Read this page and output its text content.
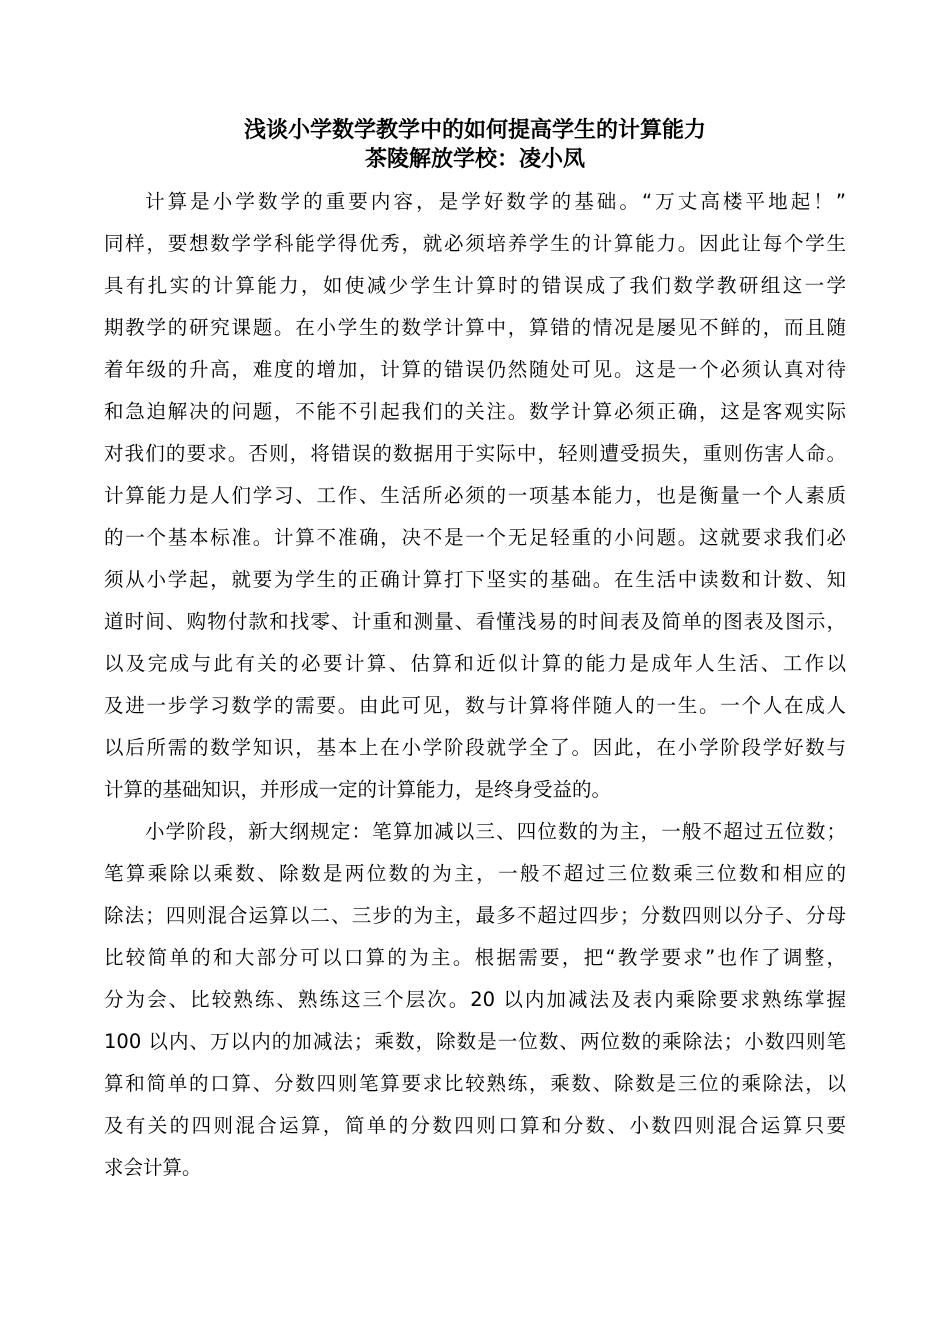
浅谈小学数学教学中的如何提高学生的计算能力
茶陵解放学校：凌小凤
计算是小学数学的重要内容，是学好数学的基础。“万丈高楼平地起！”
同样，要想数学学科能学得优秀，就必须培养学生的计算能力。因此让每个学生
具有扎实的计算能力，如使减少学生计算时的错误成了我们数学教研组这一学
期教学的研究课题。在小学生的数学计算中，算错的情况是屡见不鲜的，而且随
着年级的升高，难度的增加，计算的错误仍然随处可见。这是一个必须认真对待
和急迫解决的问题，不能不引起我们的关注。数学计算必须正确，这是客观实际
对我们的要求。否则，将错误的数据用于实际中，轻则遭受损失，重则伤害人命。
计算能力是人们学习、工作、生活所必须的一项基本能力，也是衡量一个人素质
的一个基本标准。计算不准确，决不是一个无足轻重的小问题。这就要求我们必
须从小学起，就要为学生的正确计算打下坚实的基础。在生活中读数和计数、知
道时间、购物付款和找零、计重和测量、看懂浅易的时间表及简单的图表及图示，
以及完成与此有关的必要计算、估算和近似计算的能力是成年人生活、工作以
及进一步学习数学的需要。由此可见，数与计算将伴随人的一生。一个人在成人
以后所需的数学知识，基本上在小学阶段就学全了。因此，在小学阶段学好数与
计算的基础知识，并形成一定的计算能力，是终身受益的。
小学阶段，新大纲规定：笔算加减以三、四位数的为主，一般不超过五位数；
笔算乘除以乘数、除数是两位数的为主，一般不超过三位数乘三位数和相应的
除法；四则混合运算以二、三步的为主，最多不超过四步；分数四则以分子、分母
比较简单的和大部分可以口算的为主。根据需要，把“教学要求”也作了调整，
分为会、比较熟练、熟练这三个层次。20 以内加减法及表内乘除要求熟练掌握
100 以内、万以内的加减法；乘数，除数是一位数、两位数的乘除法；小数四则笔
算和简单的口算、分数四则笔算要求比较熟练，乘数、除数是三位的乘除法，以
及有关的四则混合运算，简单的分数四则口算和分数、小数四则混合运算只要
求会计算。
